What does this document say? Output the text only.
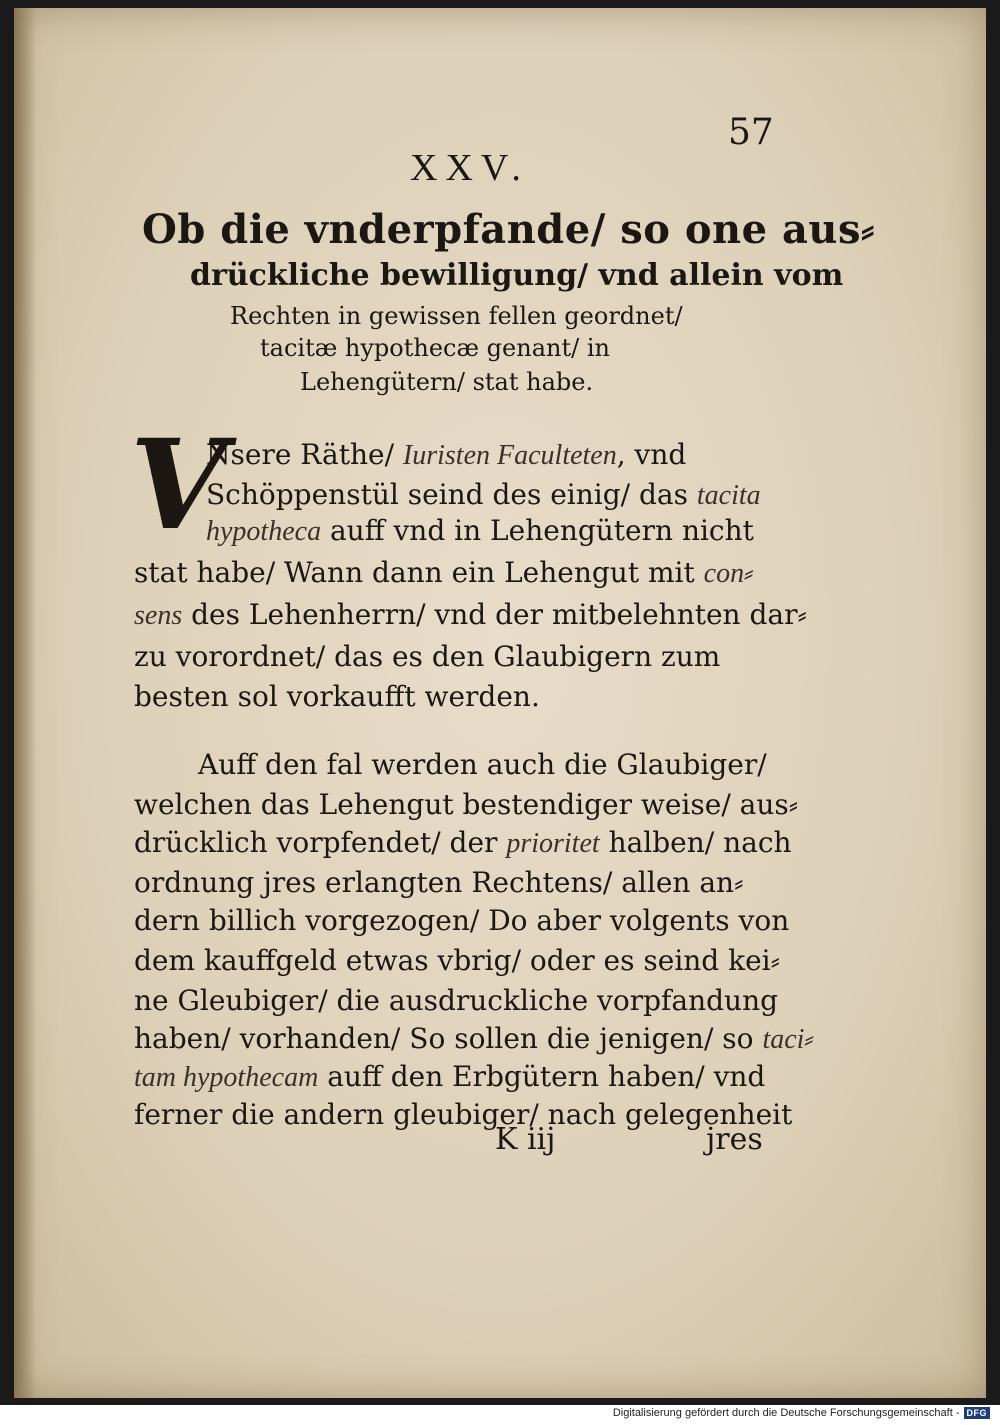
57
XXV.
Ob die vnderpfande/ so one aus⸗
drückliche bewilligung/ vnd allein vom
Rechten in gewissen fellen geordnet/
tacitæ hypothecæ genant/ in
Lehengütern/ stat habe.
V
Nsere Räthe/ Iuristen Faculteten, vnd
Schöppenstül seind des einig/ das tacita
hypotheca auff vnd in Lehengütern nicht
stat habe/ Wann dann ein Lehengut mit con⸗
sens des Lehenherrn/ vnd der mitbelehnten dar⸗
zu vorordnet/ das es den Glaubigern zum
besten sol vorkaufft werden.
Auff den fal werden auch die Glaubiger/
welchen das Lehengut bestendiger weise/ aus⸗
drücklich vorpfendet/ der prioritet halben/ nach
ordnung jres erlangten Rechtens/ allen an⸗
dern billich vorgezogen/ Do aber volgents von
dem kauffgeld etwas vbrig/ oder es seind kei⸗
ne Gleubiger/ die ausdruckliche vorpfandung
haben/ vorhanden/ So sollen die jenigen/ so taci⸗
tam hypothecam auff den Erbgütern haben/ vnd
ferner die andern gleubiger/ nach gelegenheit
K iij	jres
Digitalisierung gefördert durch die Deutsche Forschungsgemeinschaft - DFG
